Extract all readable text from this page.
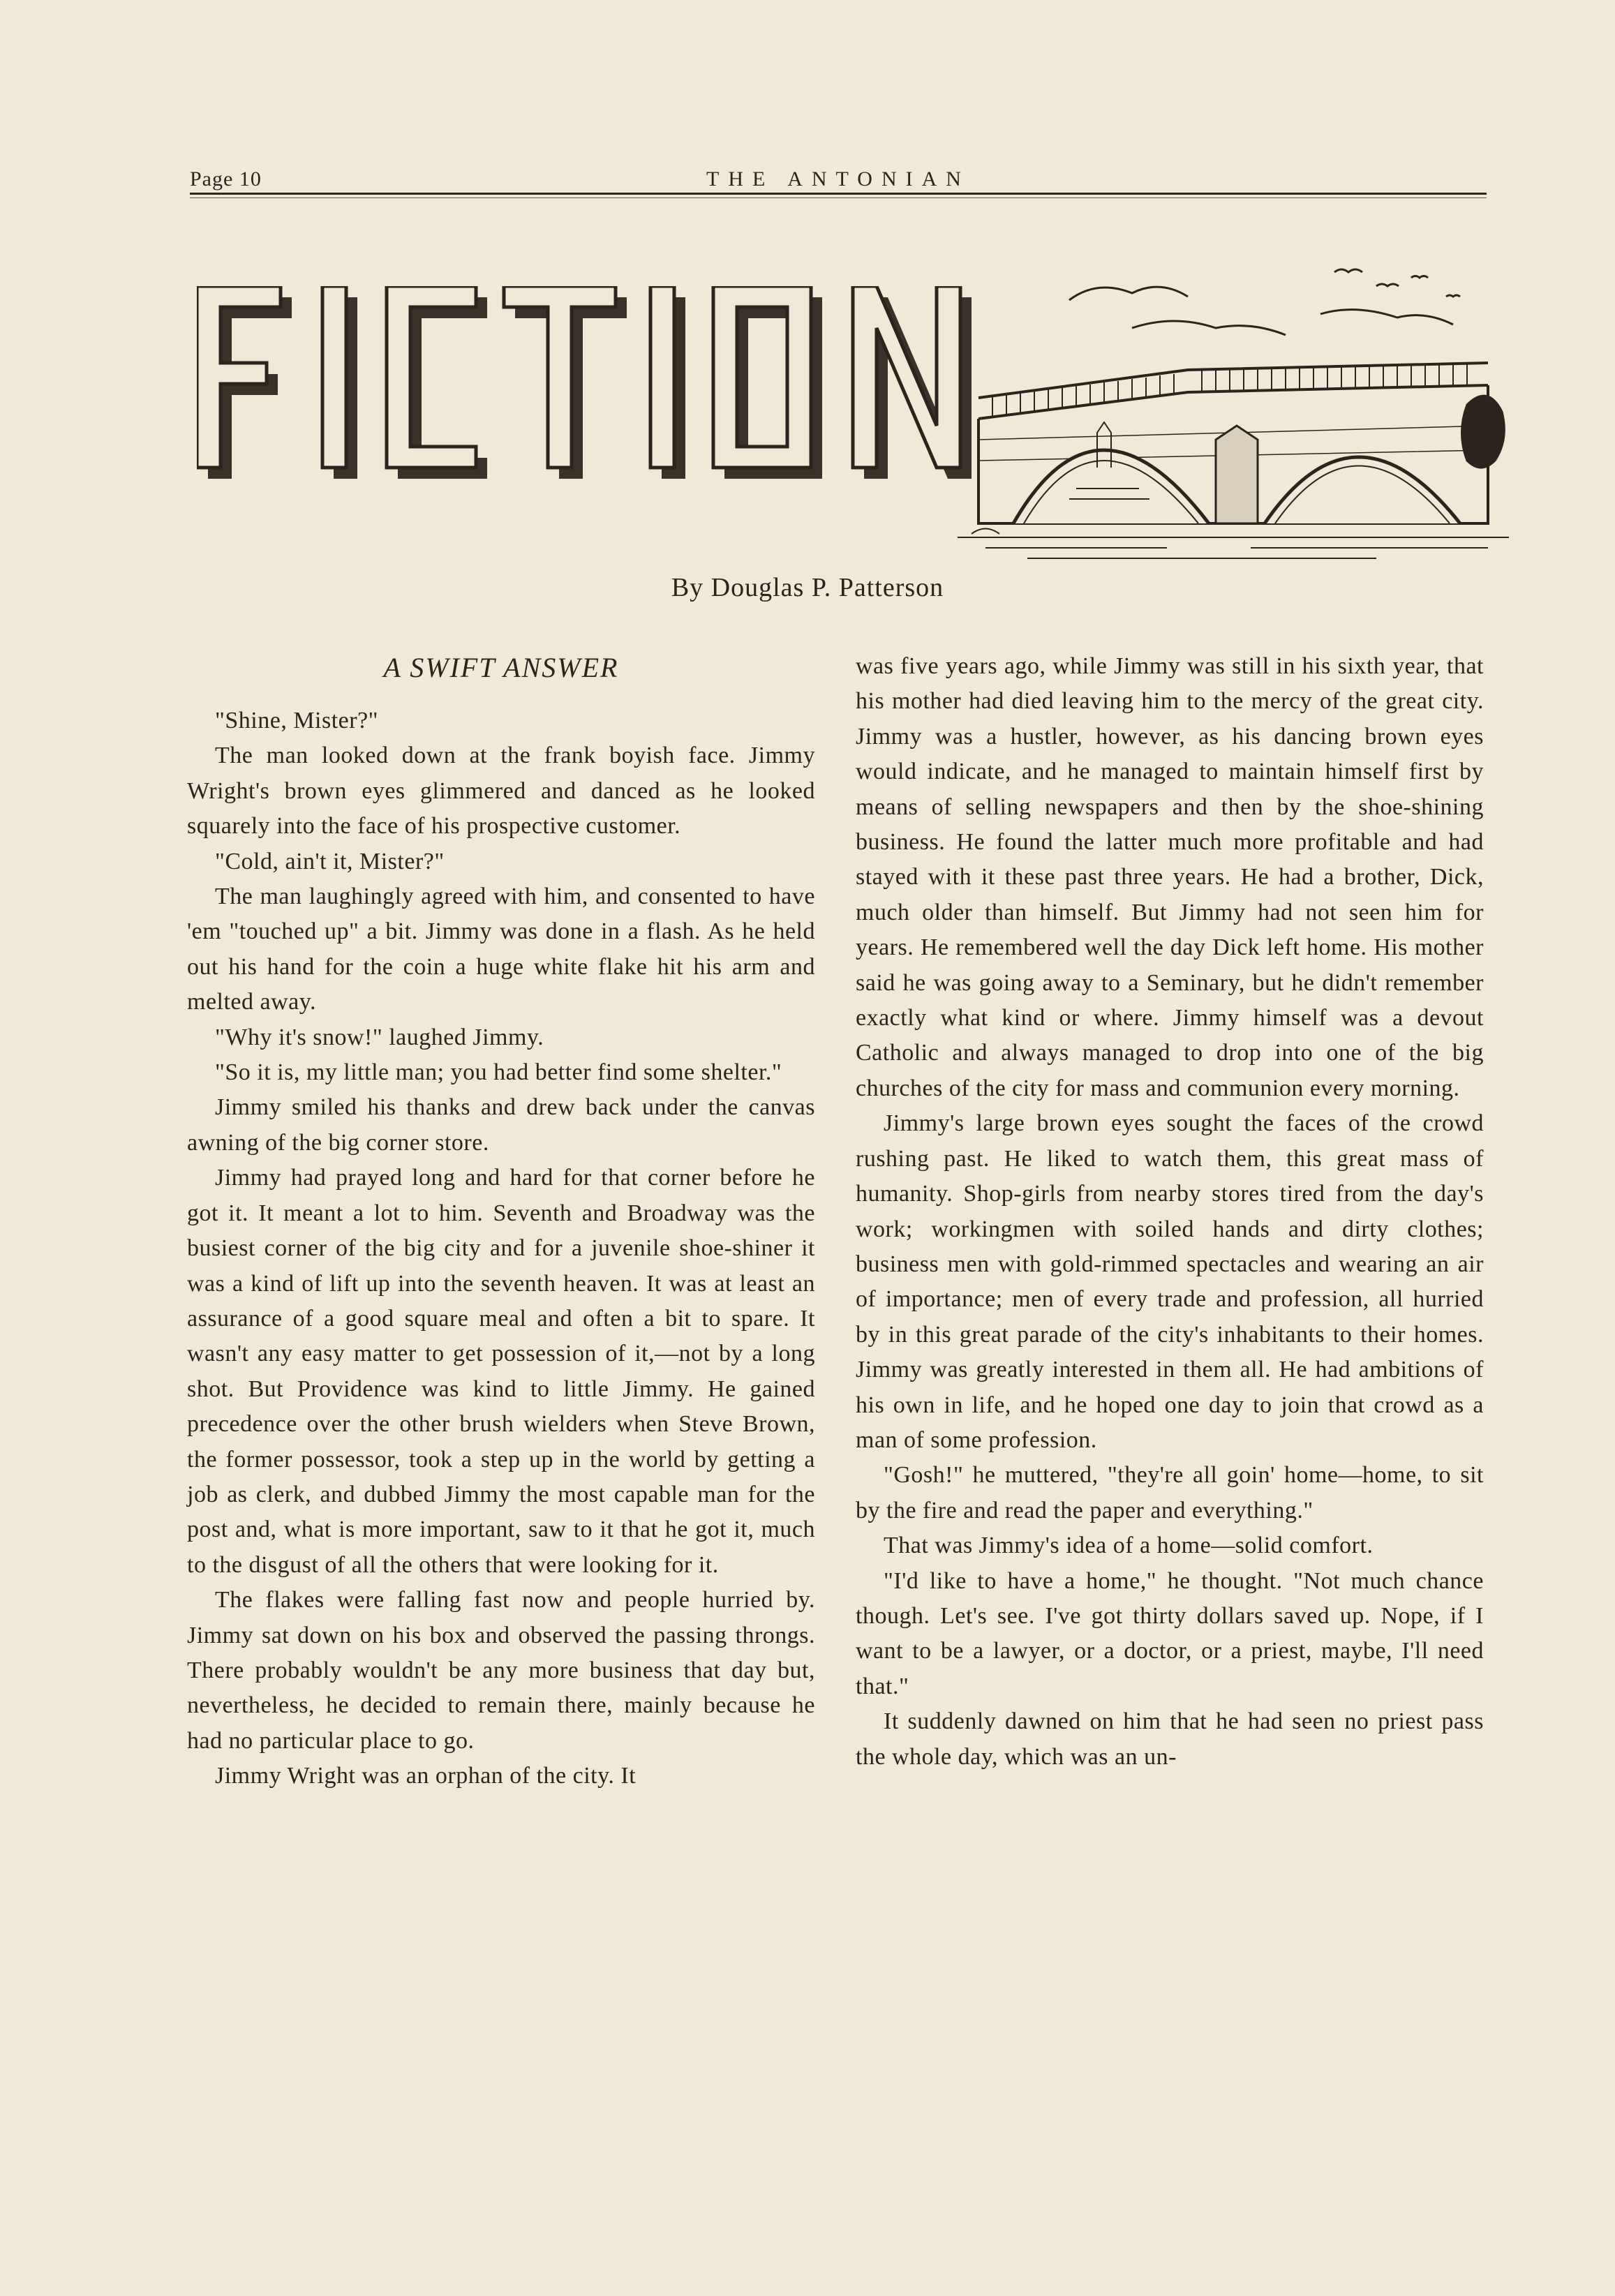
Page 10	THE ANTONIAN
By Douglas P. Patterson
A SWIFT ANSWER

"Shine, Mister?"

The man looked down at the frank boyish face. Jimmy Wright's brown eyes glimmered and danced as he looked squarely into the face of his prospective customer.

"Cold, ain't it, Mister?"

The man laughingly agreed with him, and consented to have 'em "touched up" a bit. Jimmy was done in a flash. As he held out his hand for the coin a huge white flake hit his arm and melted away.

"Why it's snow!" laughed Jimmy.

"So it is, my little man; you had better find some shelter."

Jimmy smiled his thanks and drew back under the canvas awning of the big corner store.

Jimmy had prayed long and hard for that corner before he got it. It meant a lot to him. Seventh and Broadway was the busiest corner of the big city and for a juvenile shoe-shiner it was a kind of lift up into the seventh heaven. It was at least an assurance of a good square meal and often a bit to spare. It wasn't any easy matter to get possession of it,—not by a long shot. But Providence was kind to little Jimmy. He gained precedence over the other brush wielders when Steve Brown, the former possessor, took a step up in the world by getting a job as clerk, and dubbed Jimmy the most capable man for the post and, what is more important, saw to it that he got it, much to the disgust of all the others that were looking for it.

The flakes were falling fast now and people hurried by. Jimmy sat down on his box and observed the passing throngs. There probably wouldn't be any more business that day but, nevertheless, he decided to remain there, mainly because he had no particular place to go.

Jimmy Wright was an orphan of the city. It

was five years ago, while Jimmy was still in his sixth year, that his mother had died leaving him to the mercy of the great city. Jimmy was a hustler, however, as his dancing brown eyes would indicate, and he managed to maintain himself first by means of selling newspapers and then by the shoe-shining business. He found the latter much more profitable and had stayed with it these past three years. He had a brother, Dick, much older than himself. But Jimmy had not seen him for years. He remembered well the day Dick left home. His mother said he was going away to a Seminary, but he didn't remember exactly what kind or where. Jimmy himself was a devout Catholic and always managed to drop into one of the big churches of the city for mass and communion every morning.

Jimmy's large brown eyes sought the faces of the crowd rushing past. He liked to watch them, this great mass of humanity. Shop-girls from nearby stores tired from the day's work; workingmen with soiled hands and dirty clothes; business men with gold-rimmed spectacles and wearing an air of importance; men of every trade and profession, all hurried by in this great parade of the city's inhabitants to their homes. Jimmy was greatly interested in them all. He had ambitions of his own in life, and he hoped one day to join that crowd as a man of some profession.

"Gosh!" he muttered, "they're all goin' home—home, to sit by the fire and read the paper and everything."

That was Jimmy's idea of a home—solid comfort.

"I'd like to have a home," he thought. "Not much chance though. Let's see. I've got thirty dollars saved up. Nope, if I want to be a lawyer, or a doctor, or a priest, maybe, I'll need that."

It suddenly dawned on him that he had seen no priest pass the whole day, which was an un-
